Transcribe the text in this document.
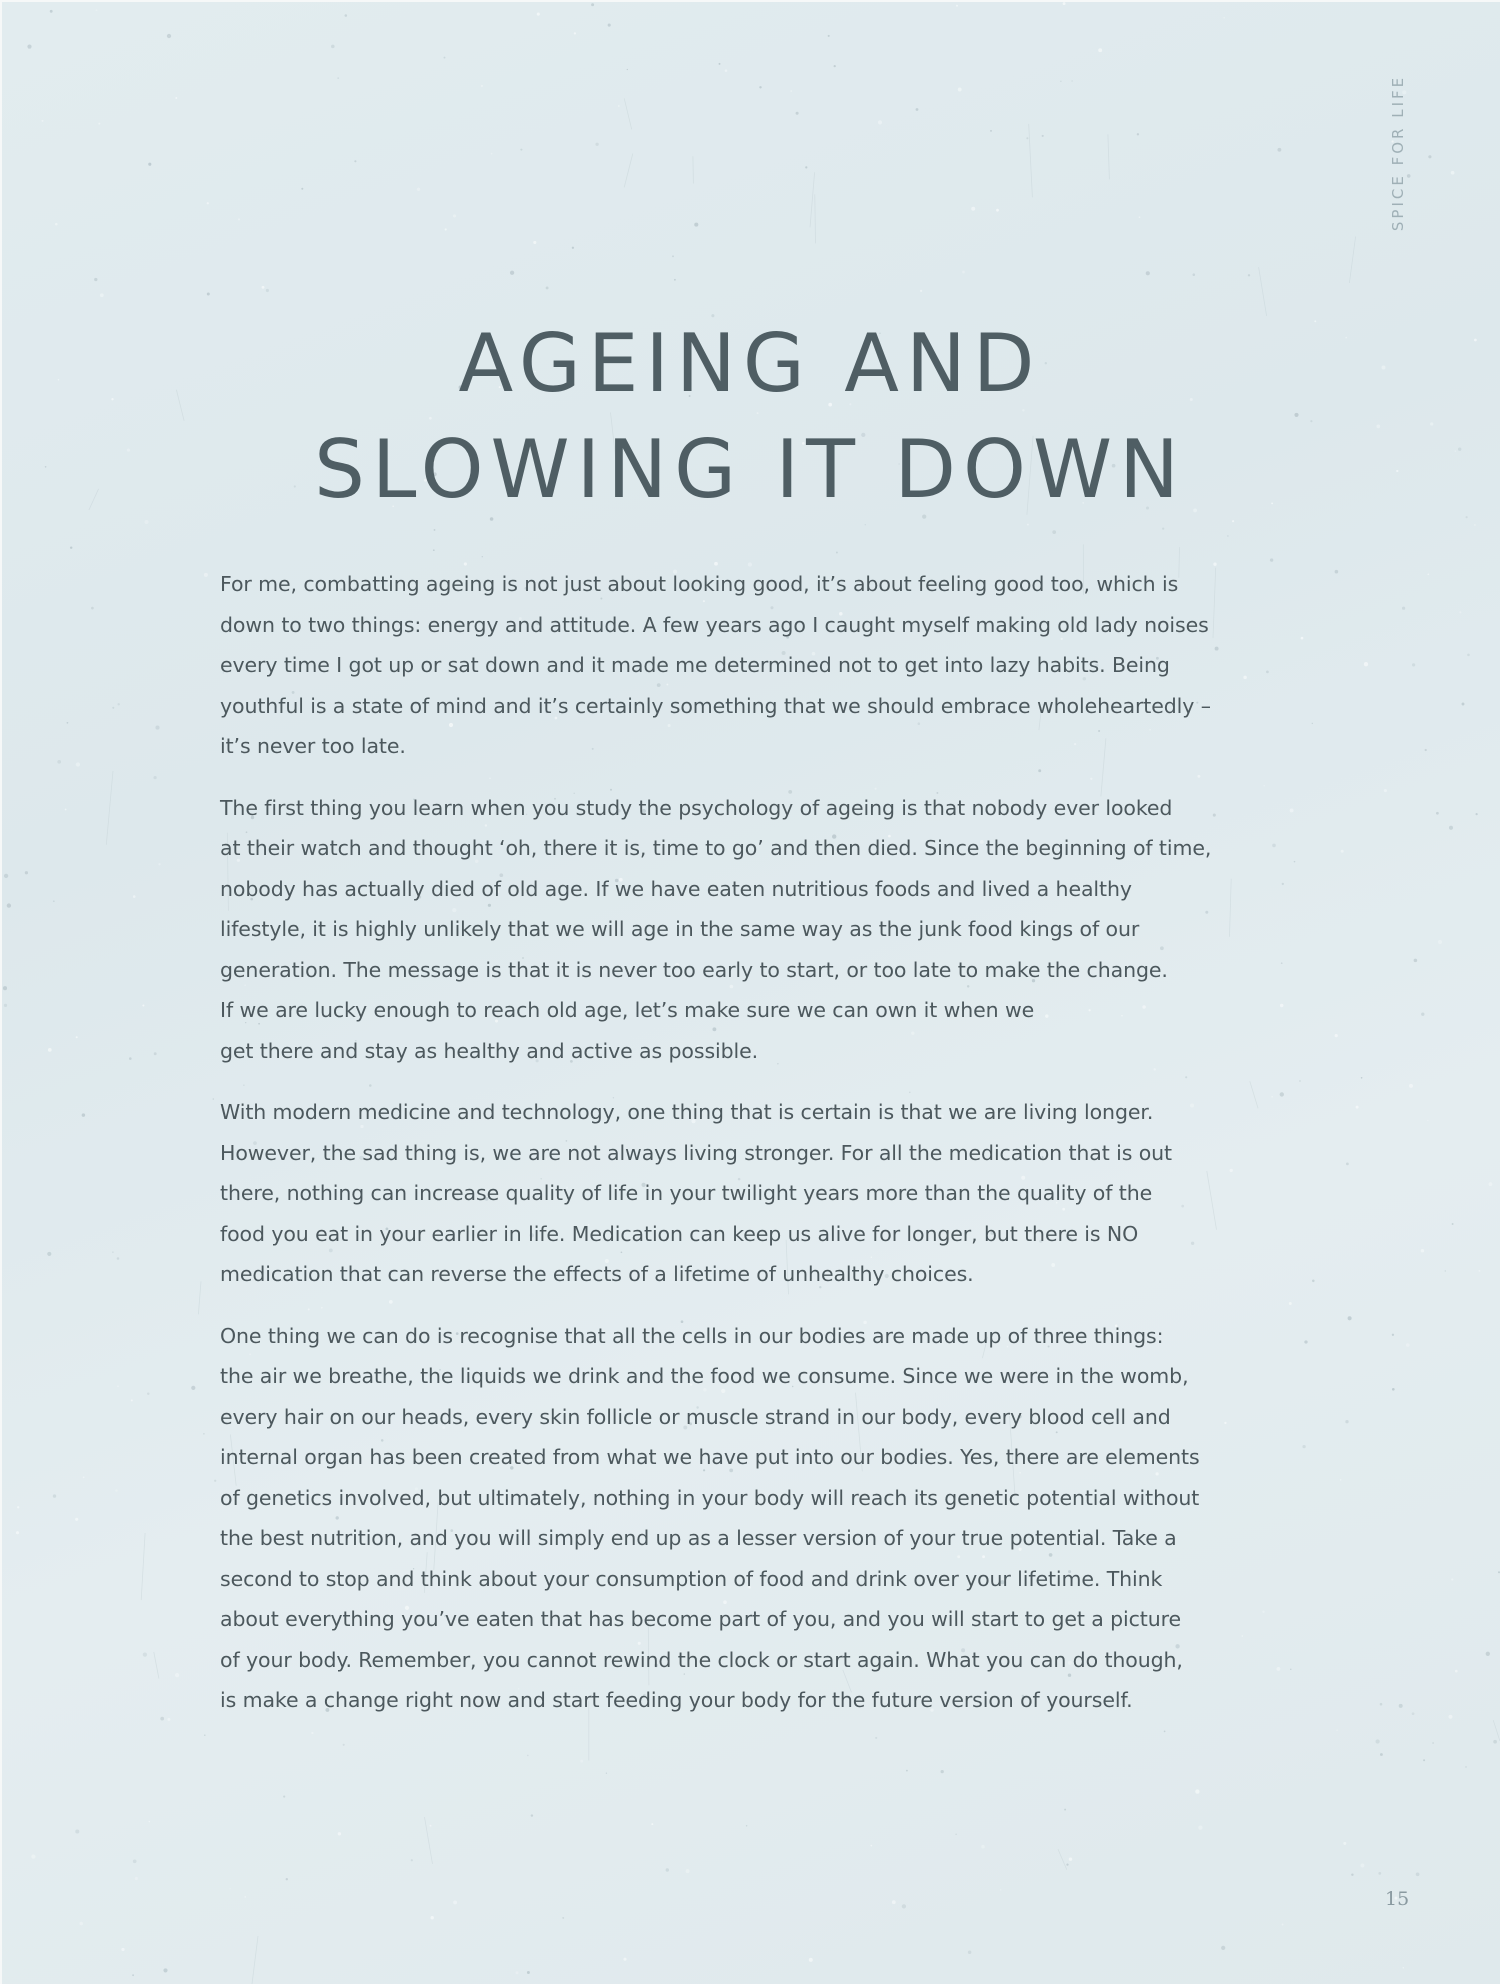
SPICE FOR LIFE
AGEING AND
SLOWING IT DOWN

For me, combatting ageing is not just about looking good, it’s about feeling good too, which is
down to two things: energy and attitude. A few years ago I caught myself making old lady noises
every time I got up or sat down and it made me determined not to get into lazy habits. Being
youthful is a state of mind and it’s certainly something that we should embrace wholeheartedly –
it’s never too late.

The first thing you learn when you study the psychology of ageing is that nobody ever looked
at their watch and thought ‘oh, there it is, time to go’ and then died. Since the beginning of time,
nobody has actually died of old age. If we have eaten nutritious foods and lived a healthy
lifestyle, it is highly unlikely that we will age in the same way as the junk food kings of our
generation. The message is that it is never too early to start, or too late to make the change.
If we are lucky enough to reach old age, let’s make sure we can own it when we
get there and stay as healthy and active as possible.

With modern medicine and technology, one thing that is certain is that we are living longer.
However, the sad thing is, we are not always living stronger. For all the medication that is out
there, nothing can increase quality of life in your twilight years more than the quality of the
food you eat in your earlier in life. Medication can keep us alive for longer, but there is NO
medication that can reverse the effects of a lifetime of unhealthy choices.

One thing we can do is recognise that all the cells in our bodies are made up of three things:
the air we breathe, the liquids we drink and the food we consume. Since we were in the womb,
every hair on our heads, every skin follicle or muscle strand in our body, every blood cell and
internal organ has been created from what we have put into our bodies. Yes, there are elements
of genetics involved, but ultimately, nothing in your body will reach its genetic potential without
the best nutrition, and you will simply end up as a lesser version of your true potential. Take a
second to stop and think about your consumption of food and drink over your lifetime. Think
about everything you’ve eaten that has become part of you, and you will start to get a picture
of your body. Remember, you cannot rewind the clock or start again. What you can do though,
is make a change right now and start feeding your body for the future version of yourself.

15
